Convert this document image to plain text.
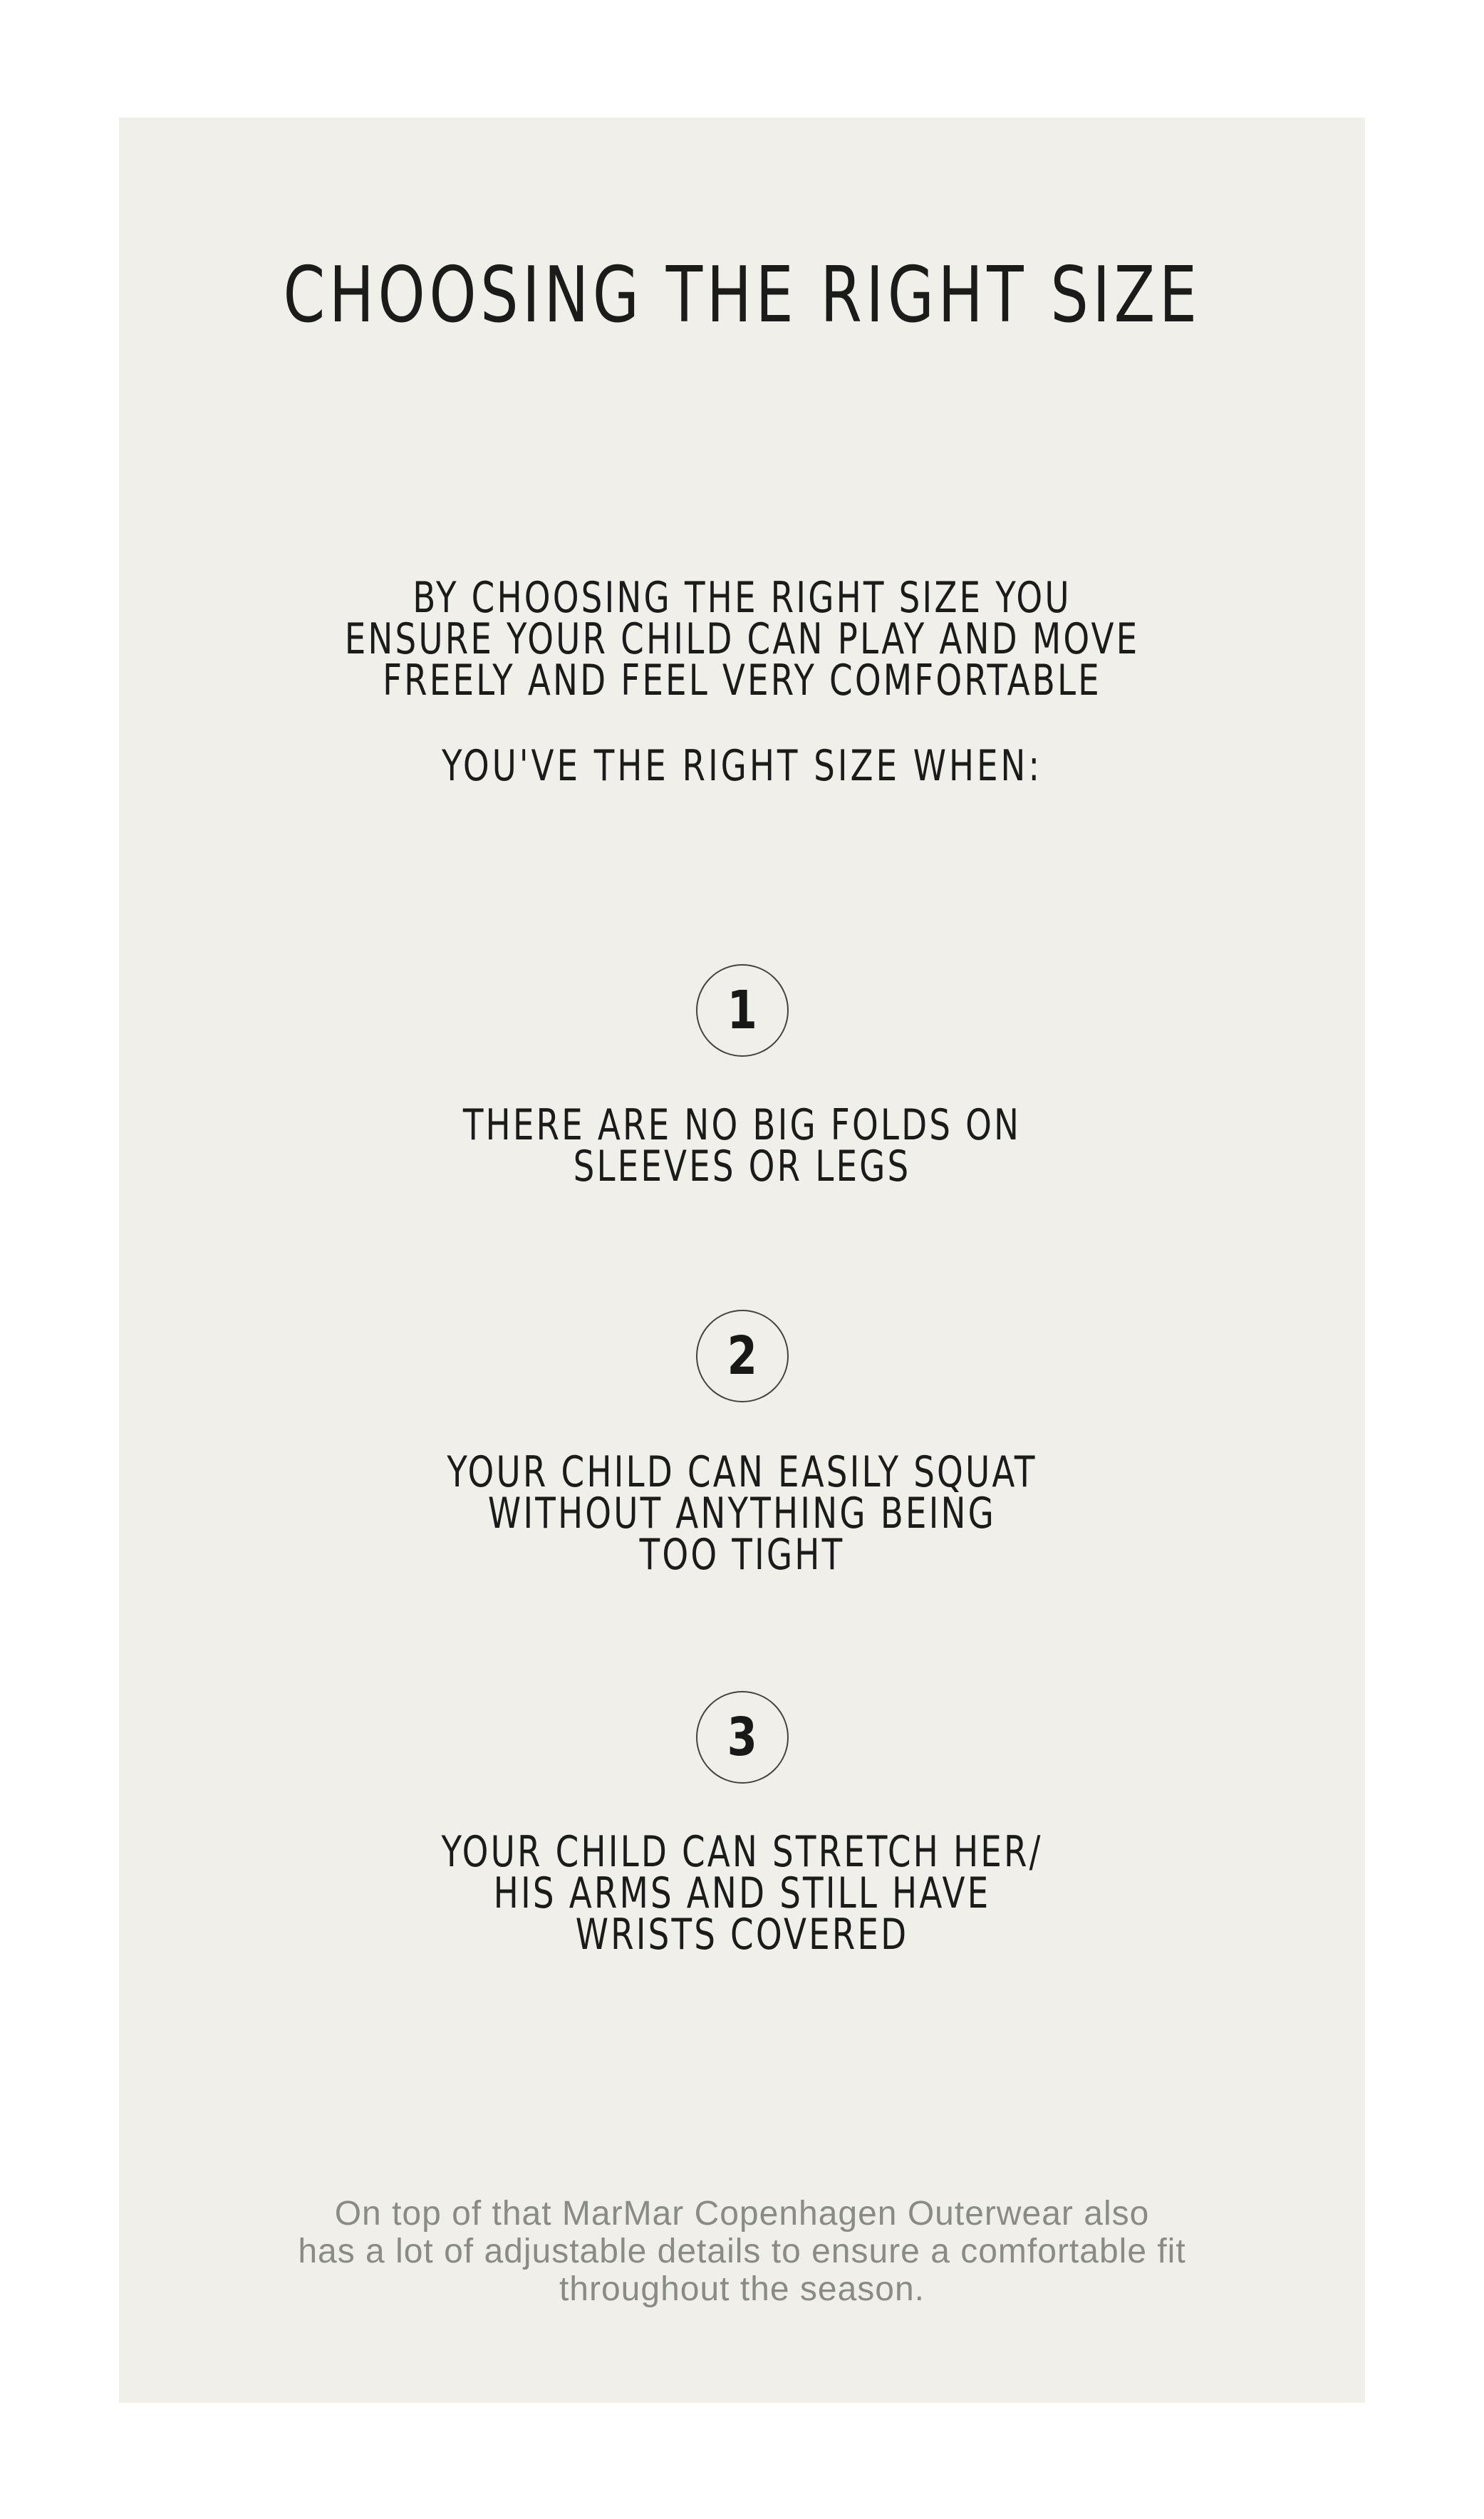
CHOOSING THE RIGHT SIZE
BY CHOOSING THE RIGHT SIZE YOU
ENSURE YOUR CHILD CAN PLAY AND MOVE
FREELY AND FEEL VERY COMFORTABLE
YOU'VE THE RIGHT SIZE WHEN:
1
THERE ARE NO BIG FOLDS ON
SLEEVES OR LEGS
2
YOUR CHILD CAN EASILY SQUAT
WITHOUT ANYTHING BEING
TOO TIGHT
3
YOUR CHILD CAN STRETCH HER/
HIS ARMS AND STILL HAVE
WRISTS COVERED
On top of that MarMar Copenhagen Outerwear also
has a lot of adjustable details to ensure a comfortable fit
throughout the season.
